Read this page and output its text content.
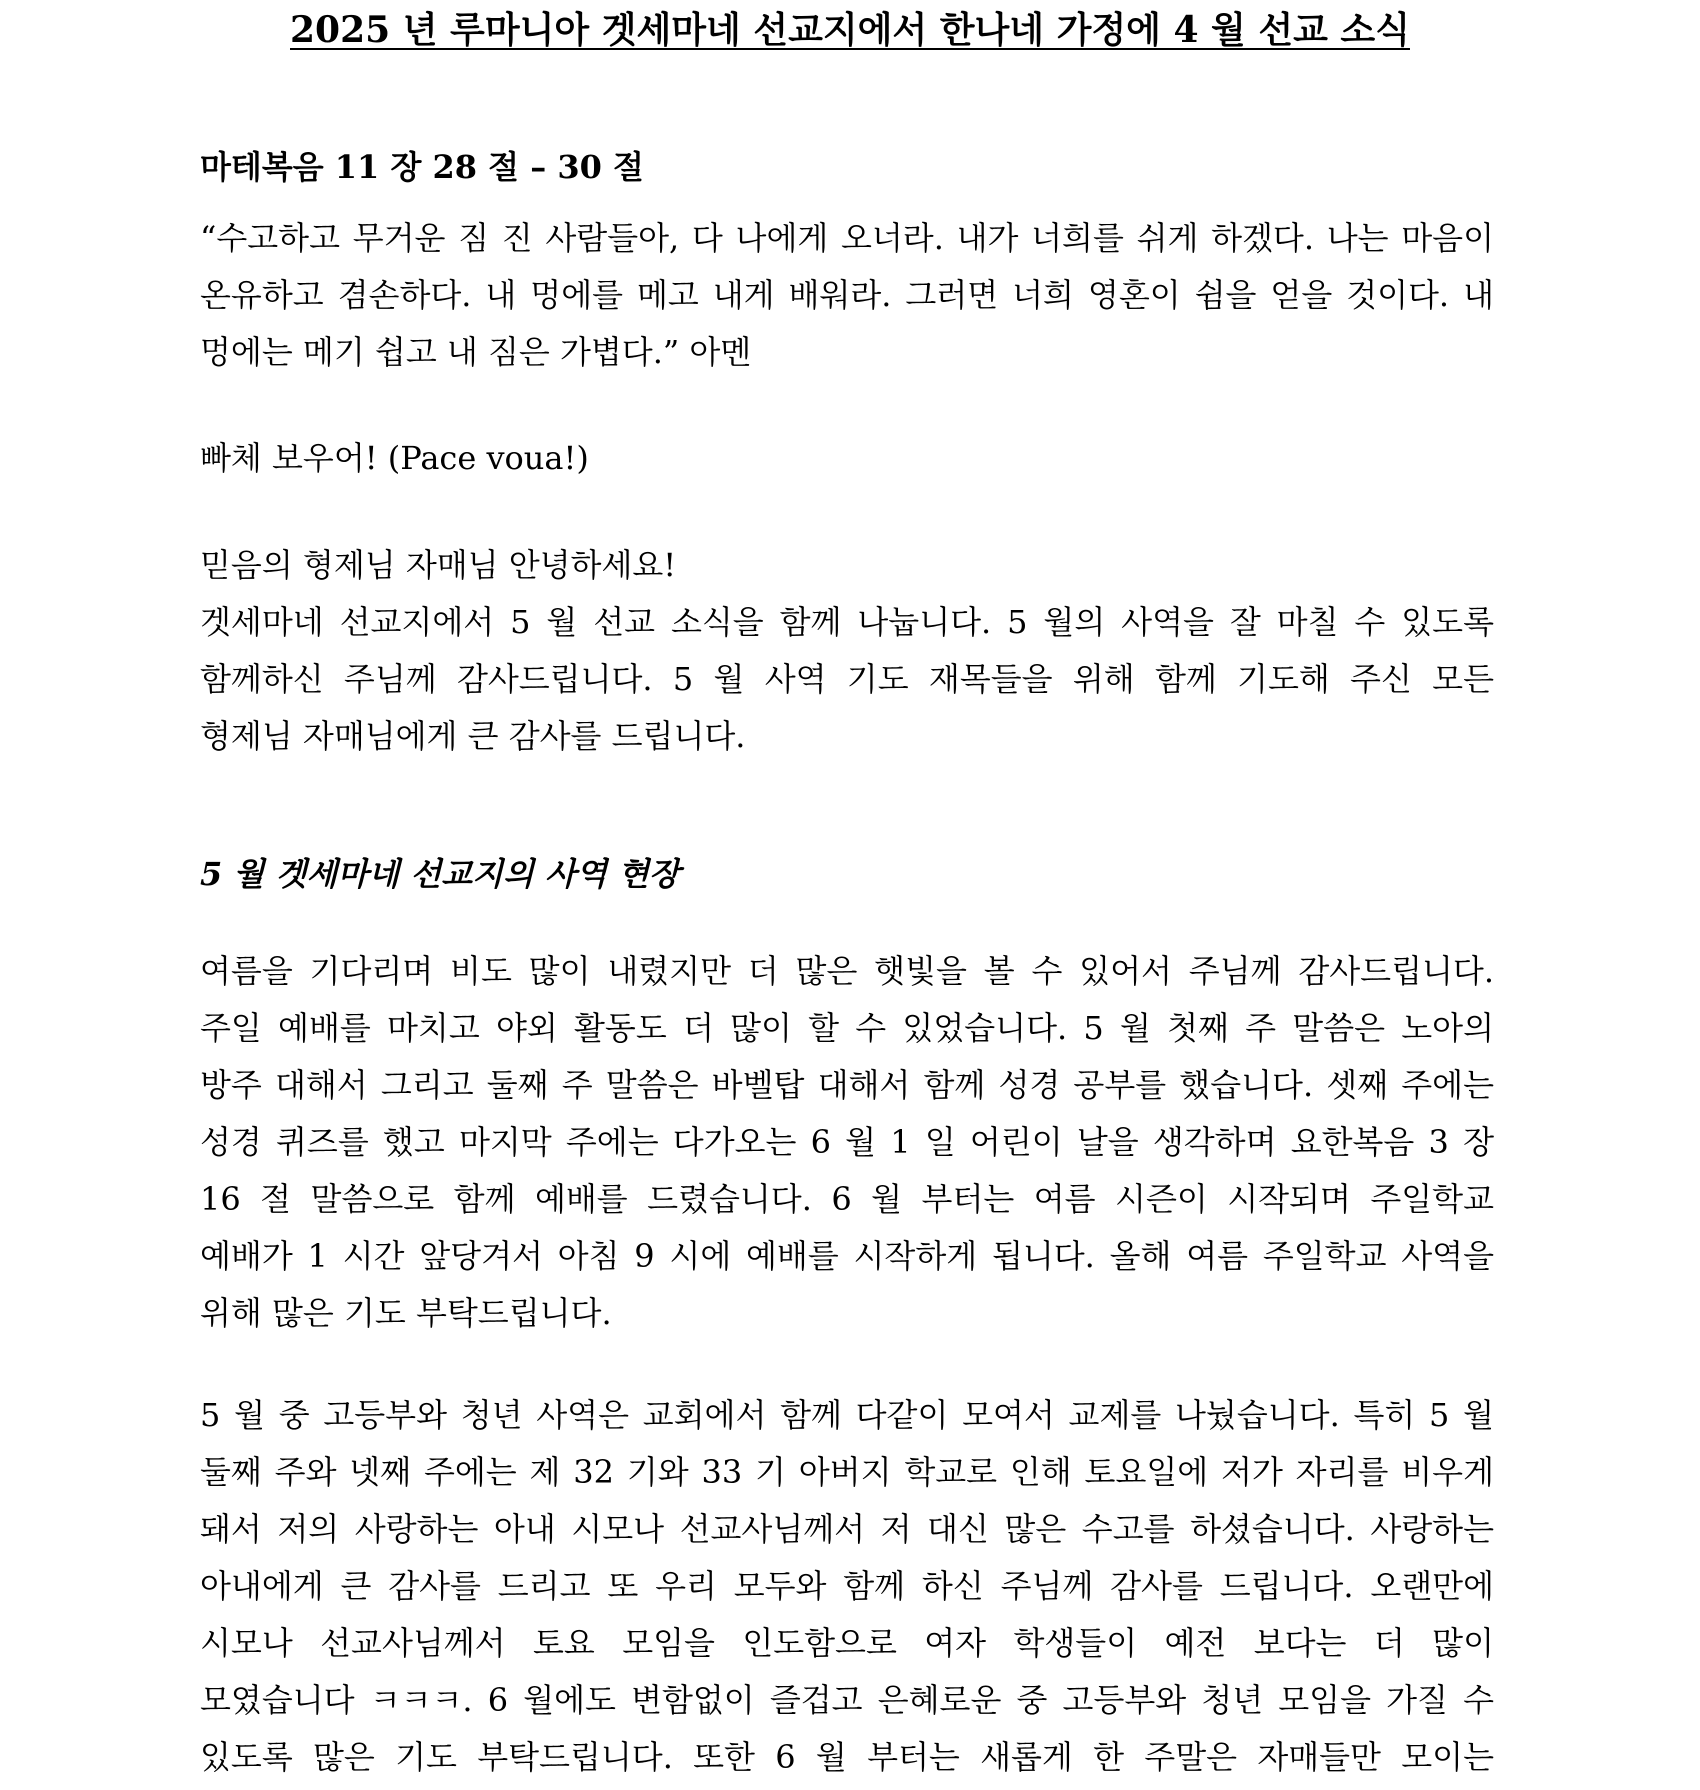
2025 년 루마니아 겟세마네 선교지에서 한나네 가정에 4 월 선교 소식
마테복음 11 장 28 절 – 30 절
“수고하고 무거운 짐 진 사람들아, 다 나에게 오너라. 내가 너희를 쉬게 하겠다. 나는 마음이
온유하고 겸손하다. 내 멍에를 메고 내게 배워라. 그러면 너희 영혼이 쉼을 얻을 것이다. 내
멍에는 메기 쉽고 내 짐은 가볍다.” 아멘
빠체 보우어! (Pace voua!)
믿음의 형제님 자매님 안녕하세요!
겟세마네 선교지에서 5 월 선교 소식을 함께 나눕니다. 5 월의 사역을 잘 마칠 수 있도록
함께하신 주님께 감사드립니다. 5 월 사역 기도 재목들을 위해 함께 기도해 주신 모든
형제님 자매님에게 큰 감사를 드립니다.
5 월 겟세마네 선교지의 사역 현장
여름을 기다리며 비도 많이 내렸지만 더 많은 햇빛을 볼 수 있어서 주님께 감사드립니다.
주일 예배를 마치고 야외 활동도 더 많이 할 수 있었습니다. 5 월 첫째 주 말씀은 노아의
방주 대해서 그리고 둘째 주 말씀은 바벨탑 대해서 함께 성경 공부를 했습니다. 셋째 주에는
성경 퀴즈를 했고 마지막 주에는 다가오는 6 월 1 일 어린이 날을 생각하며 요한복음 3 장
16 절 말씀으로 함께 예배를 드렸습니다. 6 월 부터는 여름 시즌이 시작되며 주일학교
예배가 1 시간 앞당겨서 아침 9 시에 예배를 시작하게 됩니다. 올해 여름 주일학교 사역을
위해 많은 기도 부탁드립니다.
5 월 중 고등부와 청년 사역은 교회에서 함께 다같이 모여서 교제를 나눴습니다. 특히 5 월
둘째 주와 넷째 주에는 제 32 기와 33 기 아버지 학교로 인해 토요일에 저가 자리를 비우게
돼서 저의 사랑하는 아내 시모나 선교사님께서 저 대신 많은 수고를 하셨습니다. 사랑하는
아내에게 큰 감사를 드리고 또 우리 모두와 함께 하신 주님께 감사를 드립니다. 오랜만에
시모나 선교사님께서 토요 모임을 인도함으로 여자 학생들이 예전 보다는 더 많이
모였습니다 ㅋㅋㅋ. 6 월에도 변함없이 즐겁고 은혜로운 중 고등부와 청년 모임을 가질 수
있도록 많은 기도 부탁드립니다. 또한 6 월 부터는 새롭게 한 주말은 자매들만 모이는
